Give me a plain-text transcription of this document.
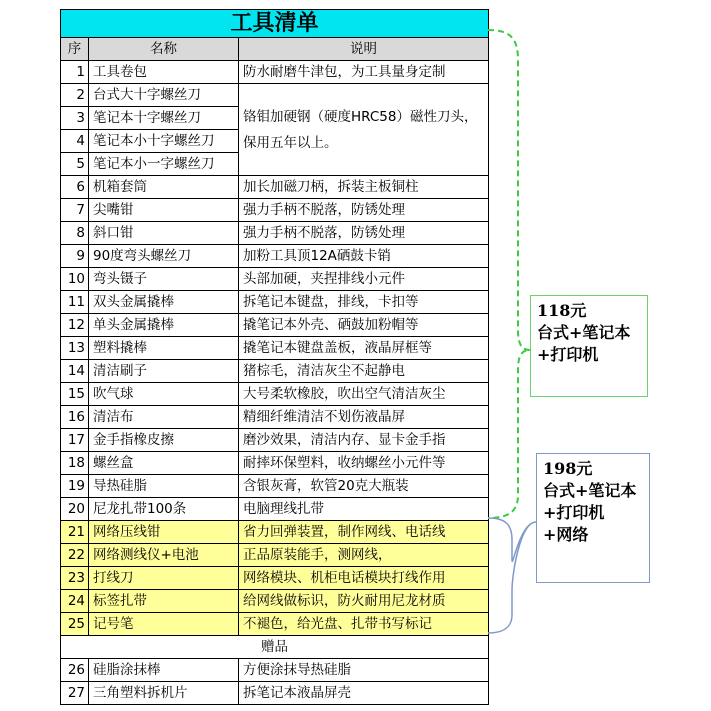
工具清单		
序	名称	说明
1	工具卷包	防水耐磨牛津包，为工具量身定制
2	台式大十字螺丝刀	铬钼加硬钢（硬度HRC58）磁性刀头，保用五年以上。
3	笔记本十字螺丝刀	
4	笔记本小十字螺丝刀	
5	笔记本小一字螺丝刀	
6	机箱套筒	加长加磁刀柄，拆装主板铜柱
7	尖嘴钳	强力手柄不脱落，防锈处理
8	斜口钳	强力手柄不脱落，防锈处理
9	90度弯头螺丝刀	加粉工具顶12A硒鼓卡销
10	弯头镊子	头部加硬，夹捏排线小元件
11	双头金属撬棒	拆笔记本键盘，排线，卡扣等
12	单头金属撬棒	撬笔记本外壳、硒鼓加粉帽等
13	塑料撬棒	撬笔记本键盘盖板，液晶屏框等
14	清洁刷子	猪棕毛，清洁灰尘不起静电
15	吹气球	大号柔软橡胶，吹出空气清洁灰尘
16	清洁布	精细纤维清洁不划伤液晶屏
17	金手指橡皮擦	磨沙效果，清洁内存、显卡金手指
18	螺丝盒	耐摔环保塑料，收纳螺丝小元件等
19	导热硅脂	含银灰膏，软管20克大瓶装
20	尼龙扎带100条	电脑理线扎带
21	网络压线钳	省力回弹装置，制作网线、电话线
22	网络测线仪+电池	正品原装能手，测网线，
23	打线刀	网络模块、机柜电话模块打线作用
24	标签扎带	给网线做标识，防火耐用尼龙材质
25	记号笔	不褪色，给光盘、扎带书写标记
赠品		
26	硅脂涂抹棒	方便涂抹导热硅脂
27	三角塑料拆机片	拆笔记本液晶屏壳
118元
台式+笔记本
+打印机
198元
台式+笔记本
+打印机
+网络
